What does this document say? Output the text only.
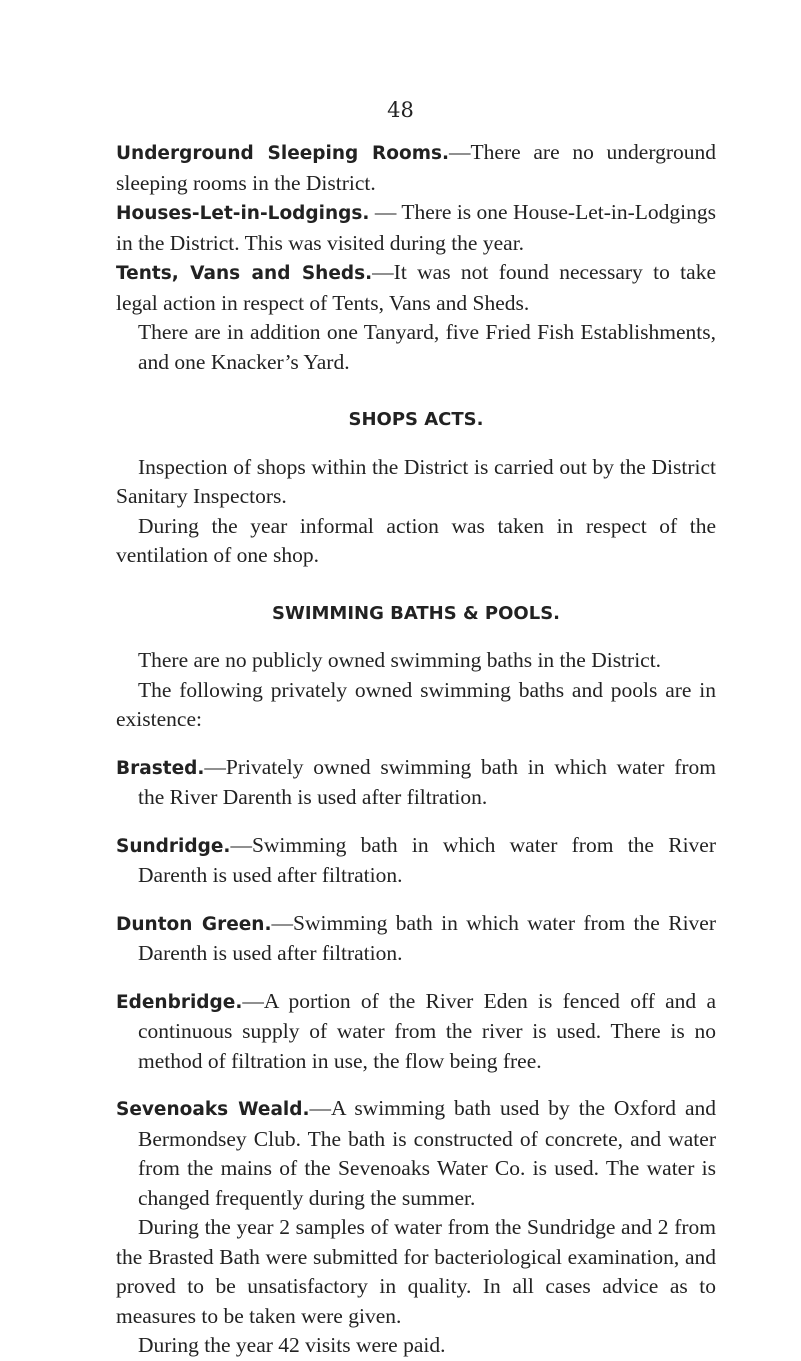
48

Underground Sleeping Rooms.—There are no underground sleeping rooms in the District.

Houses-Let-in-Lodgings. — There is one House-Let-in-Lodgings in the District. This was visited during the year.

Tents, Vans and Sheds.—It was not found necessary to take legal action in respect of Tents, Vans and Sheds.

There are in addition one Tanyard, five Fried Fish Establishments, and one Knacker’s Yard.

SHOPS ACTS.

Inspection of shops within the District is carried out by the District Sanitary Inspectors.

During the year informal action was taken in respect of the ventilation of one shop.

SWIMMING BATHS & POOLS.

There are no publicly owned swimming baths in the District.

The following privately owned swimming baths and pools are in existence:

Brasted.—Privately owned swimming bath in which water from the River Darenth is used after filtration.

Sundridge.—Swimming bath in which water from the River Darenth is used after filtration.

Dunton Green.—Swimming bath in which water from the River Darenth is used after filtration.

Edenbridge.—A portion of the River Eden is fenced off and a continuous supply of water from the river is used. There is no method of filtration in use, the flow being free.

Sevenoaks Weald.—A swimming bath used by the Oxford and Bermondsey Club. The bath is constructed of concrete, and water from the mains of the Sevenoaks Water Co. is used. The water is changed frequently during the summer.

During the year 2 samples of water from the Sundridge and 2 from the Brasted Bath were submitted for bacteriological examination, and proved to be unsatisfactory in quality. In all cases advice as to measures to be taken were given.

During the year 42 visits were paid.
